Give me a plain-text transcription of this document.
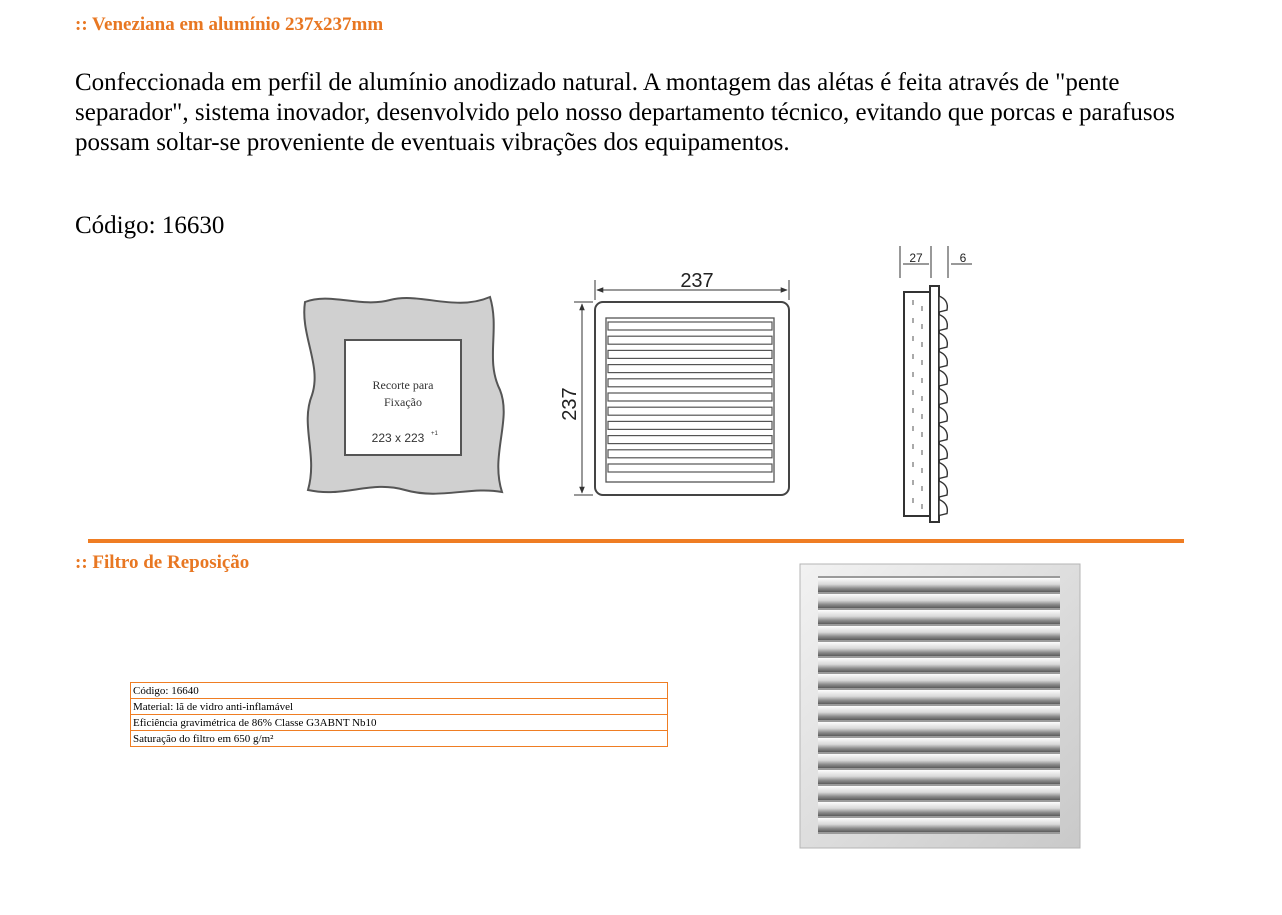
:: Veneziana em alumínio 237x237mm

Confeccionada em perfil de alumínio anodizado natural. A montagem das alétas é feita através de "pente separador", sistema inovador, desenvolvido pelo nosso departamento técnico, evitando que porcas e parafusos possam soltar-se proveniente de eventuais vibrações dos equipamentos.

Código: 16630
Recorte para
Fixação
223 x 223 +1
237
237
27	6
:: Filtro de Reposição
Código: 16640
Material: lã de vidro anti-inflamável
Eficiência gravimétrica de 86% Classe G3ABNT Nb10
Saturação do filtro em 650 g/m²
